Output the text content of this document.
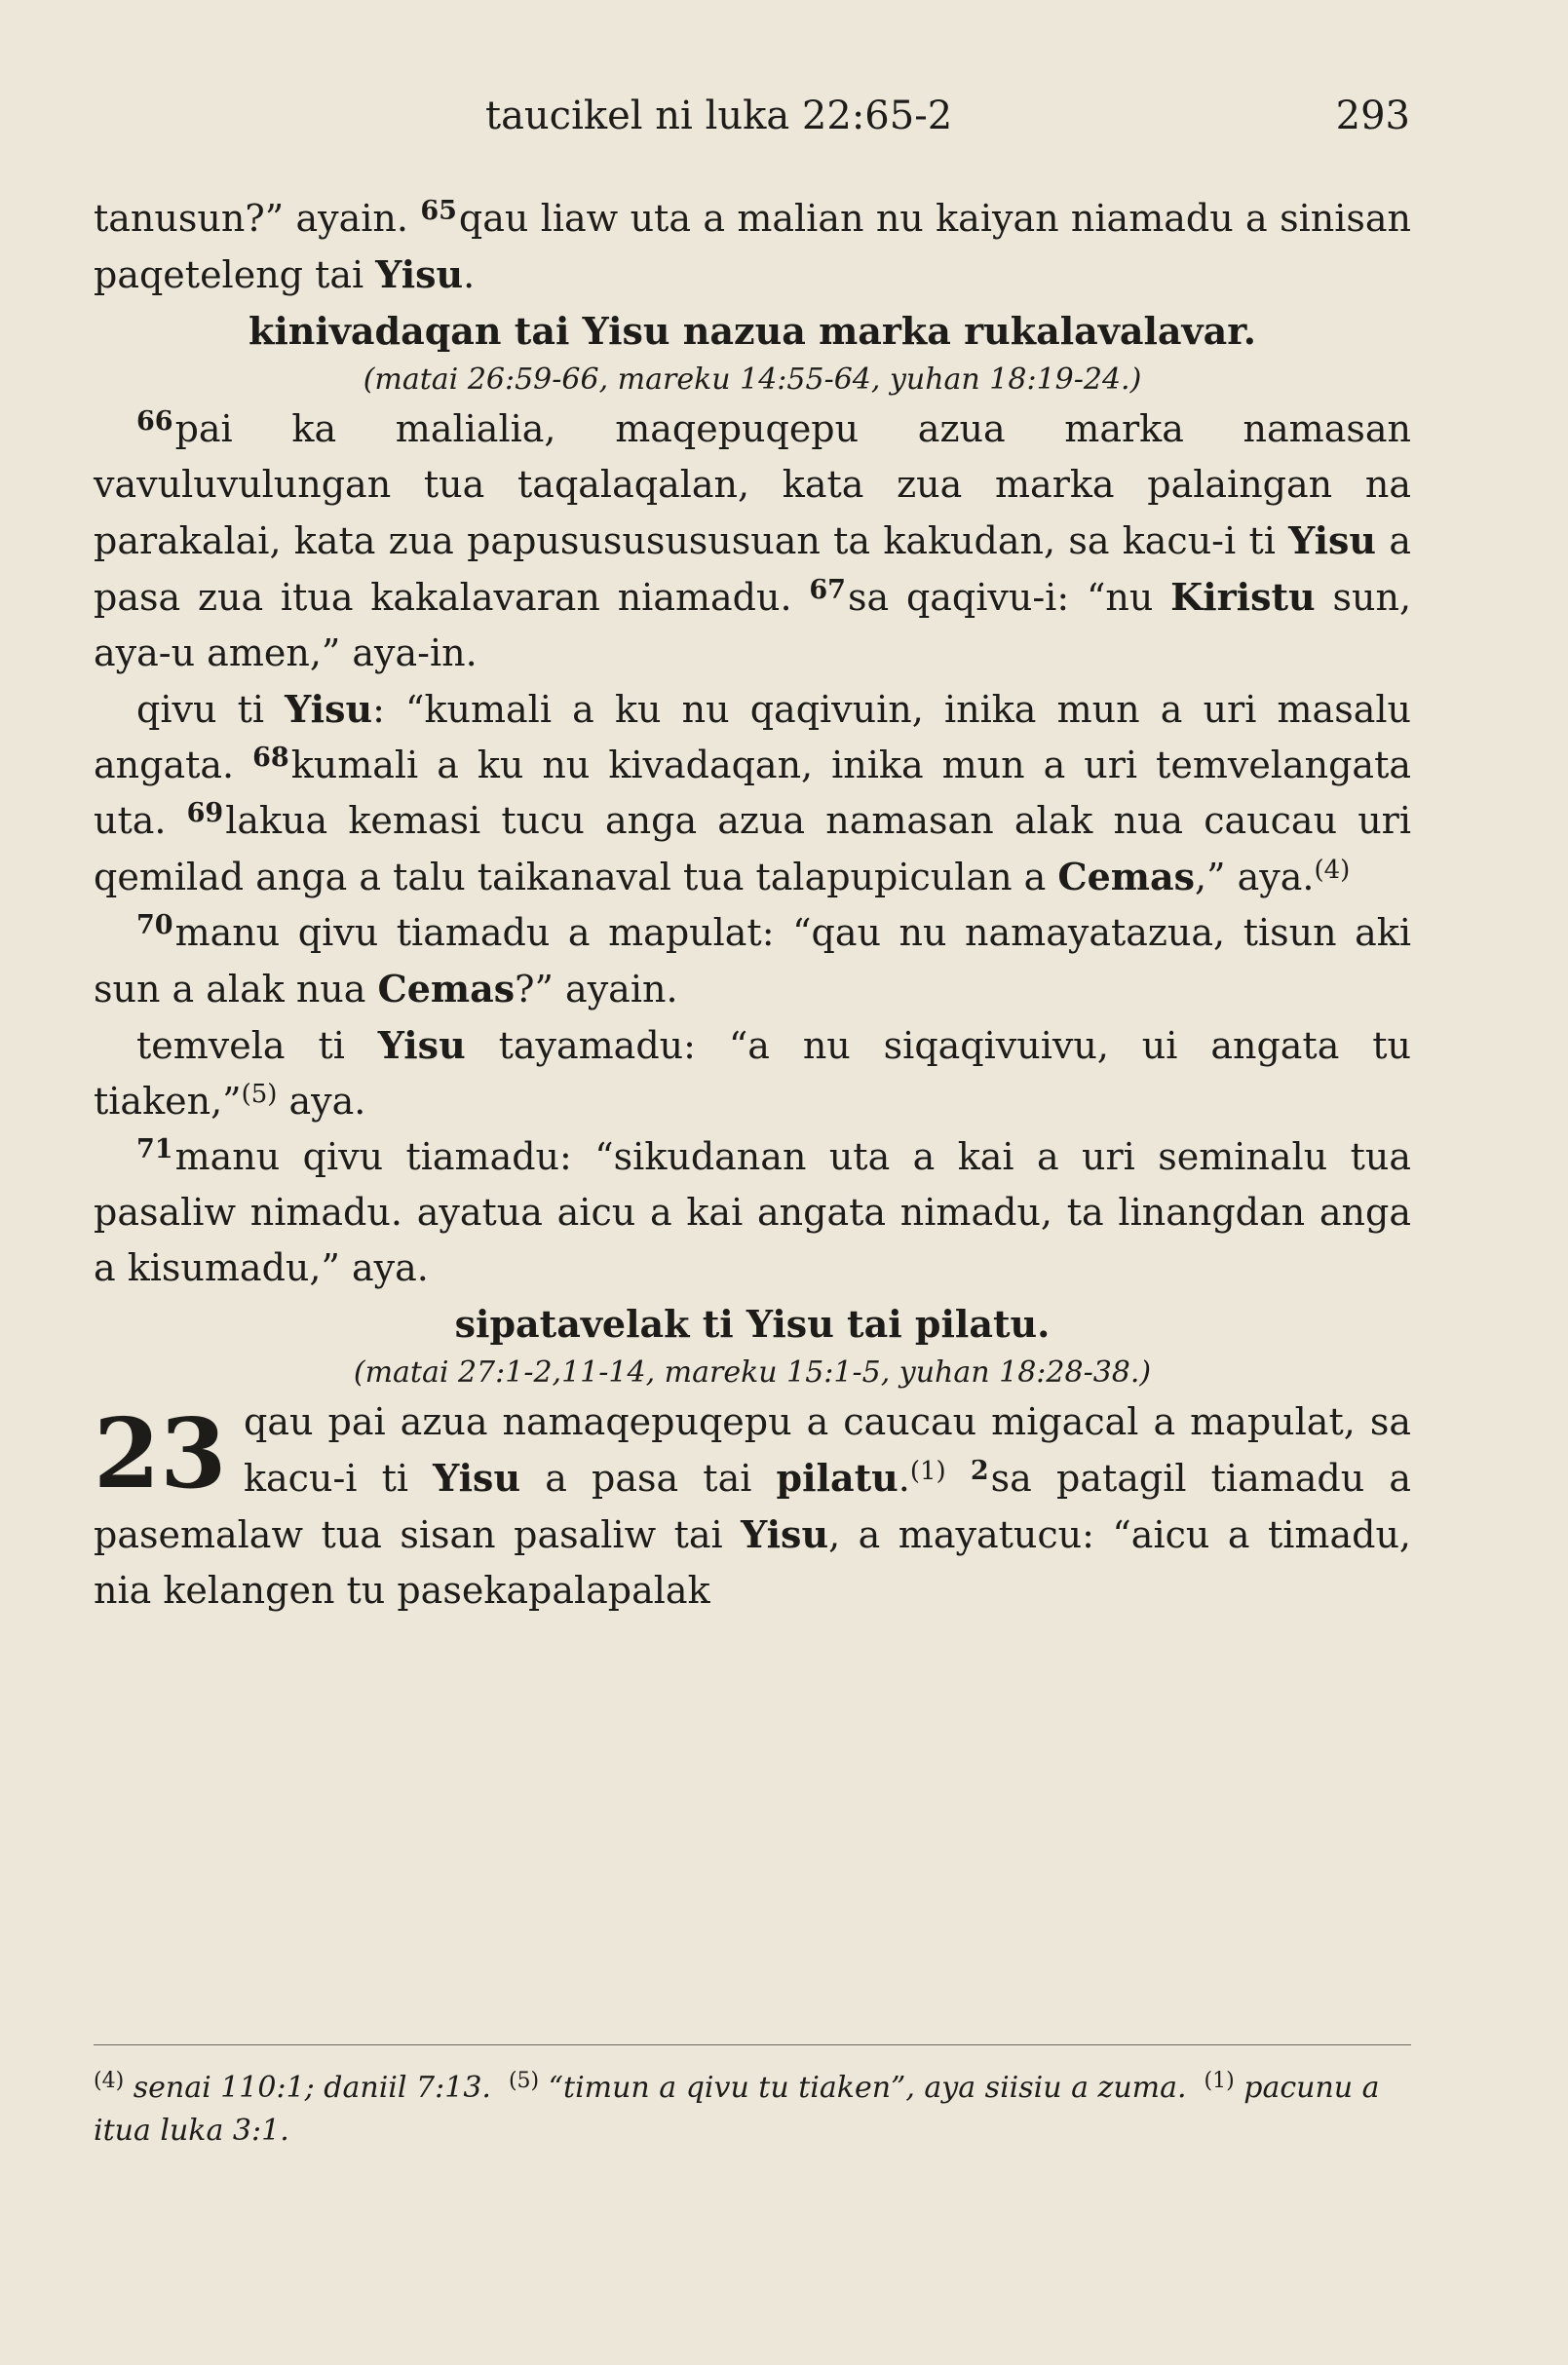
taucikel ni luka 22:65-2	293

tanusun?” ayain. $^{65}$qau liaw uta a malian nu kaiyan niamadu a sinisan paqeteleng tai Yisu.

kinivadaqan tai Yisu nazua marka rukalavalavar.

(matai 26:59-66, mareku 14:55-64, yuhan 18:19-24.)

$^{66}$pai ka malialia, maqepuqepu azua marka namasan vavuluvulungan tua taqalaqalan, kata zua marka palaingan na parakalai, kata zua papusususususuan ta kakudan, sa kacu-i ti Yisu a pasa zua itua kakalavaran niamadu. $^{67}$sa qaqivu-i: “nu Kiristu sun, aya-u amen,” aya-in.

qivu ti Yisu: “kumali a ku nu qaqivuin, inika mun a uri masalu angata. $^{68}$kumali a ku nu kivadaqan, inika mun a uri temvelangata uta. $^{69}$lakua kemasi tucu anga azua namasan alak nua caucau uri qemilad anga a talu taikanaval tua talapupiculan a Cemas,” aya.$^{(4)}$

$^{70}$manu qivu tiamadu a mapulat: “qau nu namayatazua, tisun aki sun a alak nua Cemas?” ayain.

temvela ti Yisu tayamadu: “a nu siqaqivuivu, ui angata tu tiaken,”$^{(5)}$ aya.

$^{71}$manu qivu tiamadu: “sikudanan uta a kai a uri seminalu tua pasaliw nimadu. ayatua aicu a kai angata nimadu, ta linangdan anga a kisumadu,” aya.

sipatavelak ti Yisu tai pilatu.

(matai 27:1-2,11-14, mareku 15:1-5, yuhan 18:28-38.)

23 qau pai azua namaqepuqepu a caucau migacal a mapulat, sa kacu-i ti Yisu a pasa tai pilatu.$^{(1)}$ $^2$sa patagil tiamadu a pasemalaw tua sisan pasaliw tai Yisu, a mayatucu: “aicu a timadu, nia kelangen tu pasekapalapalak

$^{(4)}$ senai 110:1; daniil 7:13. $^{(5)}$ “timun a qivu tu tiaken”, aya siisiu a zuma. $^{(1)}$ pacunu a itua luka 3:1.
